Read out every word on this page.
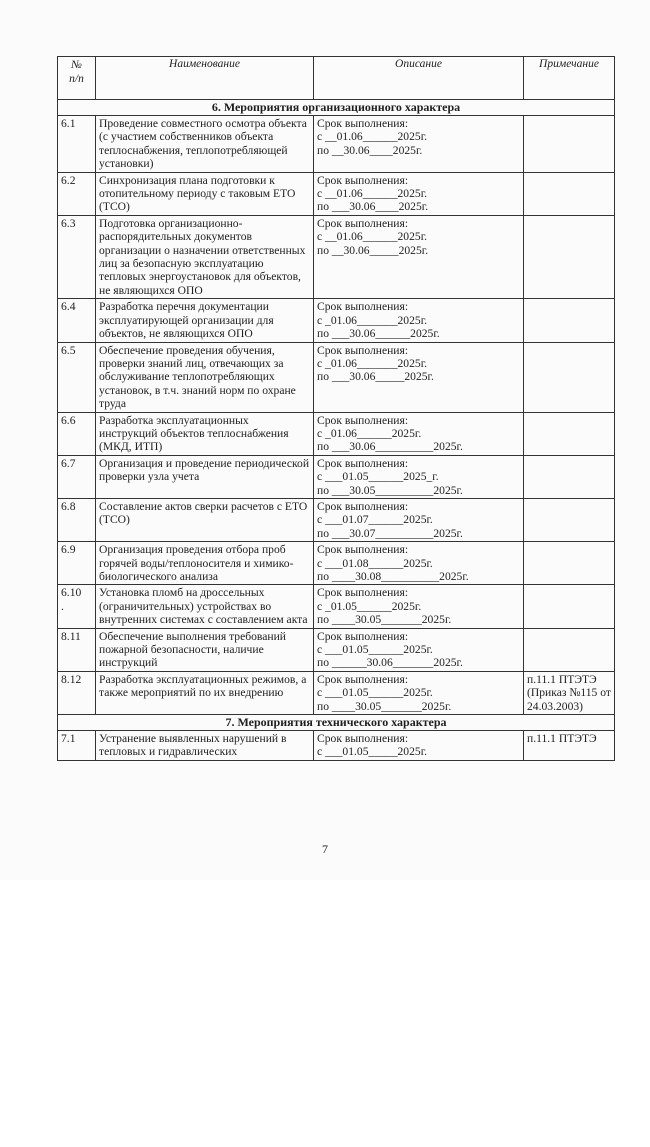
№
п/п	Наименование	Описание	Примечание
6. Мероприятия организационного характера			
6.1	Проведение совместного осмотра объекта (с участием собственников объекта теплоснабжения, теплопотребляющей установки)	Срок выполнения:
с __01.06______2025г.
по __30.06____2025г.	

6.2	Синхронизация плана подготовки к отопительному периоду с таковым ЕТО (ТСО)	Срок выполнения:
с __01.06______2025г.
по ___30.06____2025г.	

6.3	Подготовка организационно-распорядительных документов организации о назначении ответственных лиц за безопасную эксплуатацию тепловых энергоустановок для объектов, не являющихся ОПО	Срок выполнения:
с __01.06______2025г.
по __30.06_____2025г.	

6.4	Разработка перечня документации эксплуатирующей организации для объектов, не являющихся ОПО	Срок выполнения:
с _01.06_______2025г.
по ___30.06______2025г.	

6.5	Обеспечение проведения обучения, проверки знаний лиц, отвечающих за обслуживание теплопотребляющих установок, в т.ч. знаний норм по охране труда	Срок выполнения:
с _01.06_______2025г.
по ___30.06_____2025г.	

6.6	Разработка эксплуатационных инструкций объектов теплоснабжения (МКД, ИТП)	Срок выполнения:
с _01.06______2025г.
по ___30.06__________2025г.	

6.7	Организация и проведение периодической проверки узла учета	Срок выполнения:
с ___01.05______2025_г.
по ___30.05__________2025г.	

6.8	Составление актов сверки расчетов с ЕТО (ТСО)	Срок выполнения:
с ___01.07______2025г.
по ___30.07__________2025г.	

6.9	Организация проведения отбора проб горячей воды/теплоносителя и химико-биологического анализа	Срок выполнения:
с ___01.08______2025г.
по ____30.08__________2025г.	

6.10
.	Установка пломб на дроссельных (ограничительных) устройствах во внутренних системах с составлением акта	Срок выполнения:
с _01.05______2025г.
по ____30.05_______2025г.	

8.11	Обеспечение выполнения требований пожарной безопасности, наличие инструкций	Срок выполнения:
с ___01.05______2025г.
по ______30.06_______2025г.	

8.12	Разработка эксплуатационных режимов, а также мероприятий по их внедрению	Срок выполнения:
с ___01.05______2025г.
по ____30.05_______2025г.	п.11.1 ПТЭТЭ (Приказ №115 от 24.03.2003)
7. Мероприятия технического характера			
7.1	Устранение выявленных нарушений в тепловых и гидравлических	Срок выполнения:
с ___01.05_____2025г.	п.11.1 ПТЭТЭ
7
